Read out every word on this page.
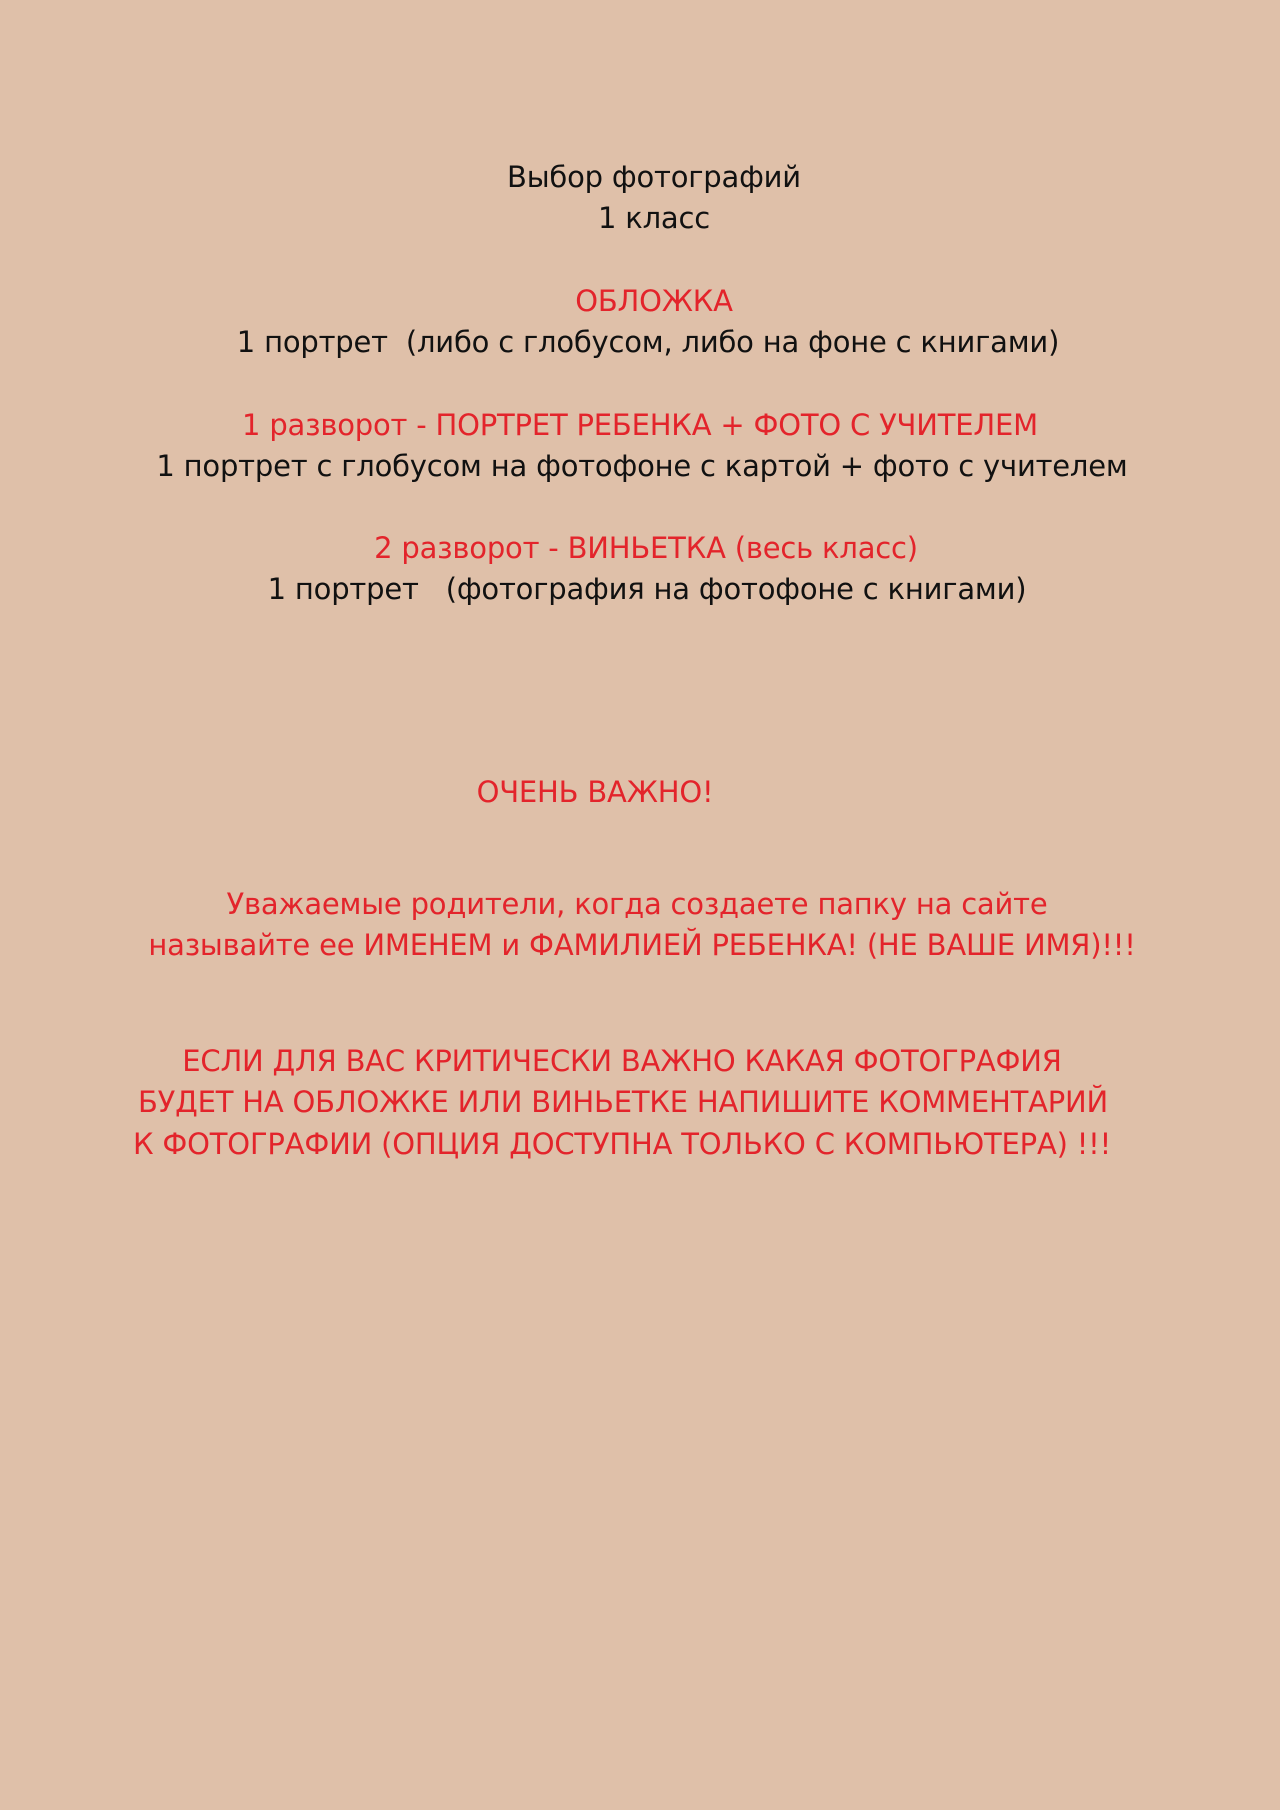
Выбор фотографий
1 класс
ОБЛОЖКА
1 портрет  (либо с глобусом, либо на фоне с книгами)
1 разворот - ПОРТРЕТ РЕБЕНКА + ФОТО С УЧИТЕЛЕМ
1 портрет с глобусом на фотофоне с картой + фото с учителем
2 разворот - ВИНЬЕТКА (весь класс)
1 портрет   (фотография на фотофоне с книгами)
ОЧЕНЬ ВАЖНО!
Уважаемые родители, когда создаете папку на сайте
называйте ее ИМЕНЕМ и ФАМИЛИЕЙ РЕБЕНКА! (НЕ ВАШЕ ИМЯ)!!!
ЕСЛИ ДЛЯ ВАС КРИТИЧЕСКИ ВАЖНО КАКАЯ ФОТОГРАФИЯ
БУДЕТ НА ОБЛОЖКЕ ИЛИ ВИНЬЕТКЕ НАПИШИТЕ КОММЕНТАРИЙ
К ФОТОГРАФИИ (ОПЦИЯ ДОСТУПНА ТОЛЬКО С КОМПЬЮТЕРА) !!!
